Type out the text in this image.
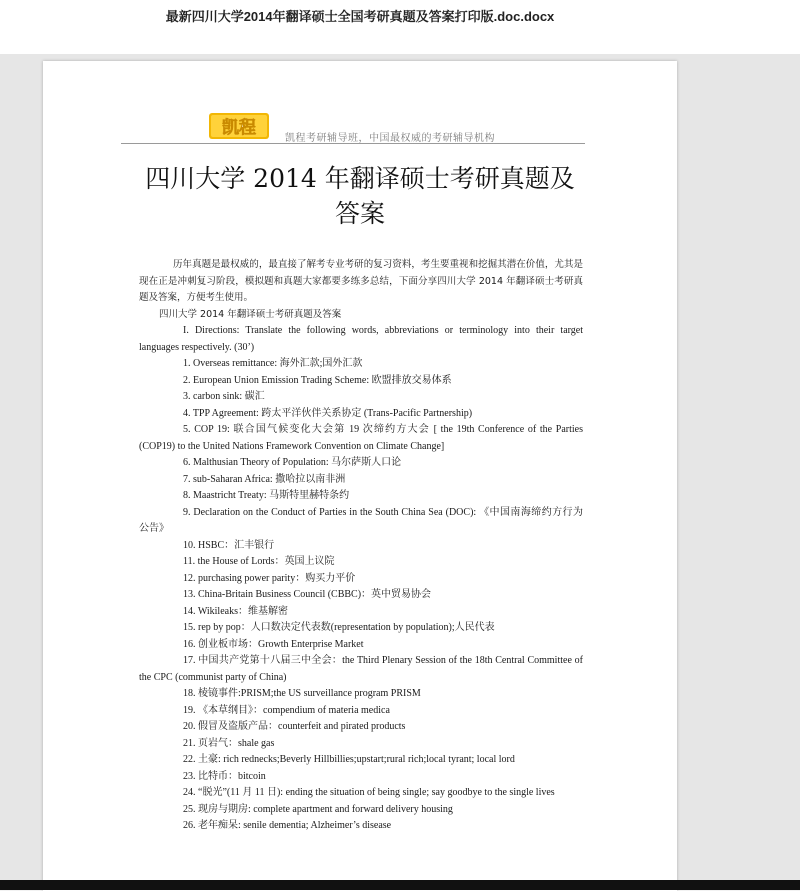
最新四川大学2014年翻译硕士全国考研真题及答案打印版.doc.docx
凯程
凯程考研辅导班，中国最权威的考研辅导机构
四川大学 2014 年翻译硕士考研真题及
答案

历年真题是最权威的，最直接了解考专业考研的复习资料，考生要重视和挖掘其潜在价值，尤其是现在正是冲刺复习阶段，模拟题和真题大家都要多练多总结，下面分享四川大学 2014 年翻译硕士考研真题及答案，方便考生使用。

四川大学 2014 年翻译硕士考研真题及答案

I. Directions: Translate the following words, abbreviations or terminology into their target languages respectively. (30’)

1. Overseas remittance: 海外汇款;国外汇款

2. European Union Emission Trading Scheme: 欧盟排放交易体系

3. carbon sink: 碳汇

4. TPP Agreement: 跨太平洋伙伴关系协定 (Trans-Pacific Partnership)

5. COP 19: 联合国气候变化大会第 19 次缔约方大会 [ the 19th Conference of the Parties (COP19) to the United Nations Framework Convention on Climate Change]

6. Malthusian Theory of Population: 马尔萨斯人口论

7. sub-Saharan Africa: 撒哈拉以南非洲

8. Maastricht Treaty: 马斯特里赫特条约

9. Declaration on the Conduct of Parties in the South China Sea (DOC): 《中国南海缔约方行为公告》

10. HSBC：汇丰银行

11. the House of Lords：英国上议院

12. purchasing power parity：购买力平价

13. China-Britain Business Council (CBBC)：英中贸易协会

14. Wikileaks：维基解密

15. rep by pop：人口数决定代表数(representation by population);人民代表

16. 创业板市场：Growth Enterprise Market

17. 中国共产党第十八届三中全会：the Third Plenary Session of the 18th Central Committee of the CPC (communist party of China)

18. 棱镜事件:PRISM;the US surveillance program PRISM

19. 《本草纲目》：compendium of materia medica

20. 假冒及盗版产品：counterfeit and pirated products

21. 页岩气：shale gas

22. 土豪: rich rednecks;Beverly Hillbillies;upstart;rural rich;local tyrant; local lord

23. 比特币：bitcoin

24. “脱光”(11 月 11 日): ending the situation of being single; say goodbye to the single lives

25. 现房与期房: complete apartment and forward delivery housing

26. 老年痴呆: senile dementia; Alzheimer’s disease
